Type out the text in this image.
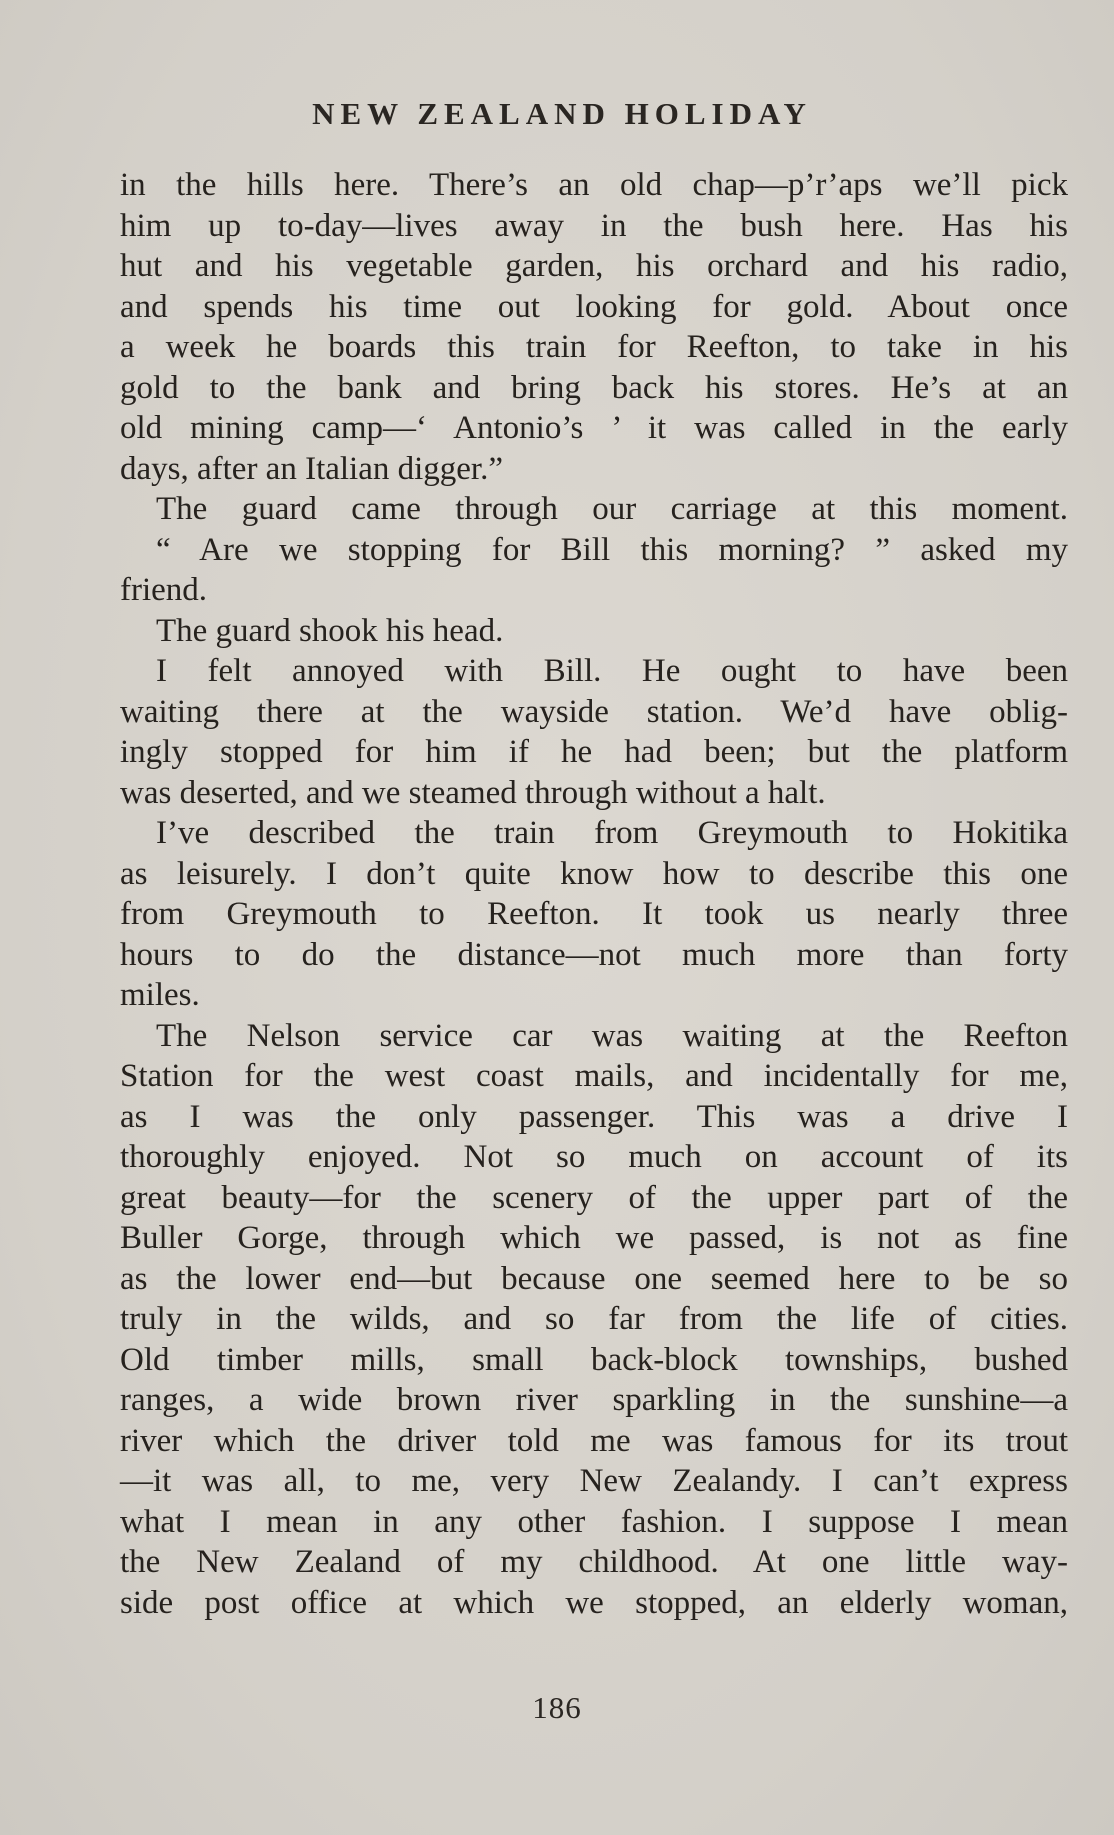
NEW ZEALAND HOLIDAY
in the hills here. There’s an old chap—p’r’aps we’ll pick
him up to-day—lives away in the bush here. Has his
hut and his vegetable garden, his orchard and his radio,
and spends his time out looking for gold. About once
a week he boards this train for Reefton, to take in his
gold to the bank and bring back his stores. He’s at an
old mining camp—‘ Antonio’s ’ it was called in the early
days, after an Italian digger.”
The guard came through our carriage at this moment.
“ Are we stopping for Bill this morning? ” asked my
friend.
The guard shook his head.
I felt annoyed with Bill. He ought to have been
waiting there at the wayside station. We’d have oblig-
ingly stopped for him if he had been; but the platform
was deserted, and we steamed through without a halt.
I’ve described the train from Greymouth to Hokitika
as leisurely. I don’t quite know how to describe this one
from Greymouth to Reefton. It took us nearly three
hours to do the distance—not much more than forty
miles.
The Nelson service car was waiting at the Reefton
Station for the west coast mails, and incidentally for me,
as I was the only passenger. This was a drive I
thoroughly enjoyed. Not so much on account of its
great beauty—for the scenery of the upper part of the
Buller Gorge, through which we passed, is not as fine
as the lower end—but because one seemed here to be so
truly in the wilds, and so far from the life of cities.
Old timber mills, small back-block townships, bushed
ranges, a wide brown river sparkling in the sunshine—a
river which the driver told me was famous for its trout
—it was all, to me, very New Zealandy. I can’t express
what I mean in any other fashion. I suppose I mean
the New Zealand of my childhood. At one little way-
side post office at which we stopped, an elderly woman,

186
